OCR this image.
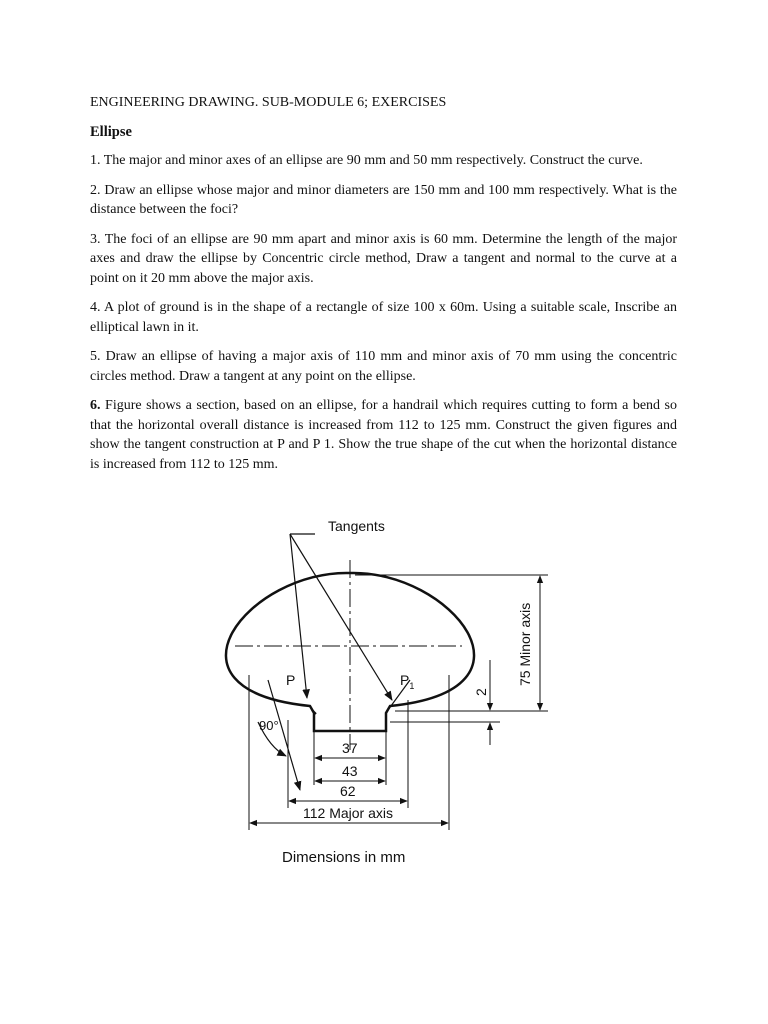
ENGINEERING DRAWING. SUB-MODULE 6; EXERCISES

Ellipse

1. The major and minor axes of an ellipse are 90 mm and 50 mm respectively. Construct the curve.

2. Draw an ellipse whose major and minor diameters are 150 mm and 100 mm respectively. What is the distance between the foci?

3. The foci of an ellipse are 90 mm apart and minor axis is 60 mm. Determine the length of the major axes and draw the ellipse by Concentric circle method, Draw a tangent and normal to the curve at a point on it 20 mm above the major axis.

4. A plot of ground is in the shape of a rectangle of size 100 x 60m. Using a suitable scale, Inscribe an elliptical lawn in it.

5. Draw an ellipse of having a major axis of 110 mm and minor axis of 70 mm using the concentric circles method. Draw a tangent at any point on the ellipse.

6. Figure shows a section, based on an ellipse, for a handrail which requires cutting to form a bend so that the horizontal overall distance is increased from 112 to 125 mm. Construct the given figures and show the tangent construction at P and P 1. Show the true shape of the cut when the horizontal distance is increased from 112 to 125 mm.

Tangents
P	$P_1$
90°
37
43
62
112 Major axis
75 Minor axis
2
Dimensions in mm
